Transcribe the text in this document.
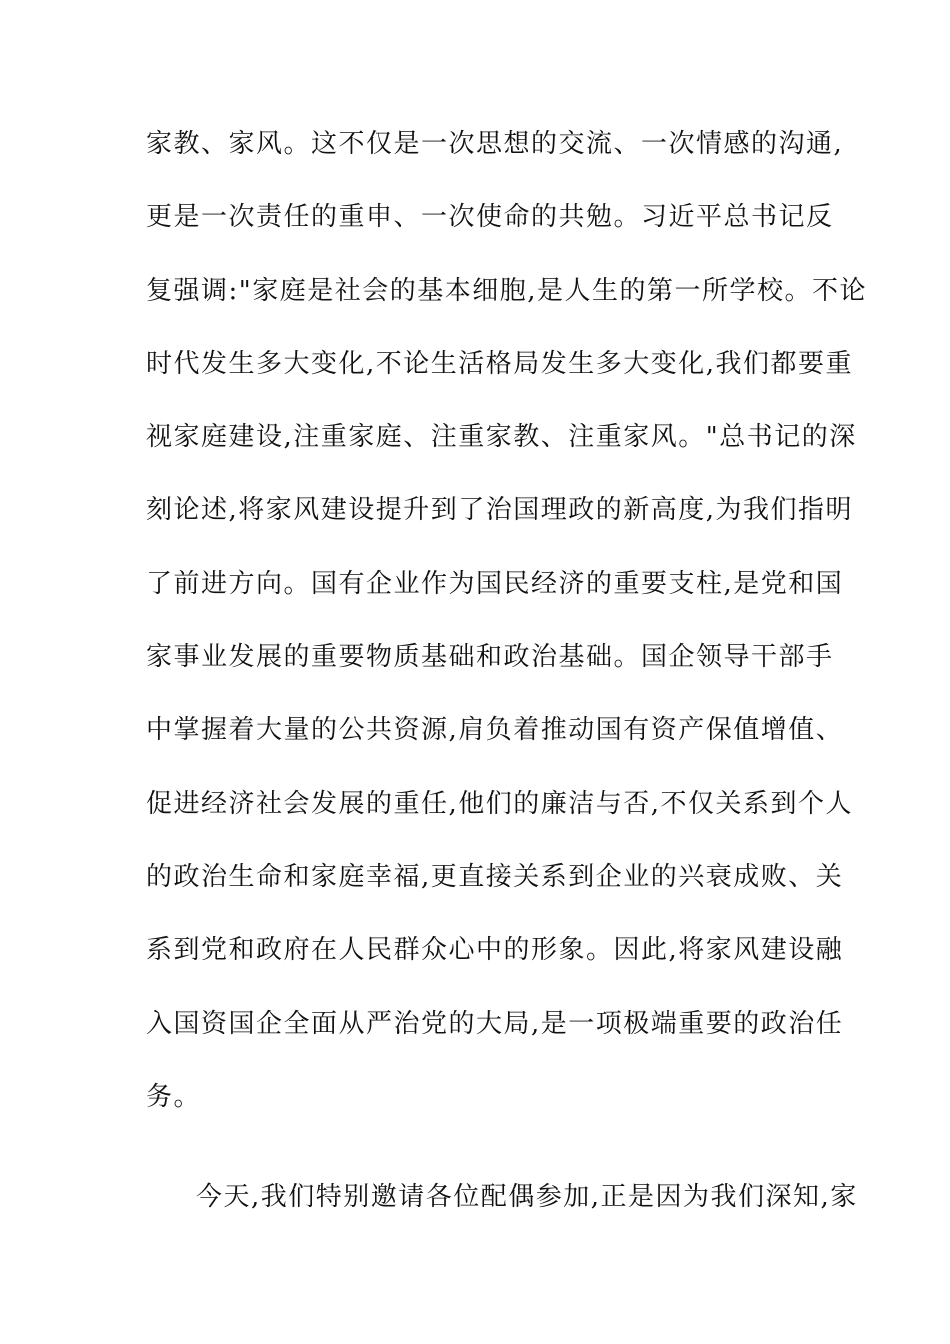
家教、家风。这不仅是一次思想的交流、一次情感的沟通,
更是一次责任的重申、一次使命的共勉。习近平总书记反
复强调:"家庭是社会的基本细胞,是人生的第一所学校。不论
时代发生多大变化,不论生活格局发生多大变化,我们都要重
视家庭建设,注重家庭、注重家教、注重家风。"总书记的深
刻论述,将家风建设提升到了治国理政的新高度,为我们指明
了前进方向。国有企业作为国民经济的重要支柱,是党和国
家事业发展的重要物质基础和政治基础。国企领导干部手
中掌握着大量的公共资源,肩负着推动国有资产保值增值、
促进经济社会发展的重任,他们的廉洁与否,不仅关系到个人
的政治生命和家庭幸福,更直接关系到企业的兴衰成败、关
系到党和政府在人民群众心中的形象。因此,将家风建设融
入国资国企全面从严治党的大局,是一项极端重要的政治任
务。
今天,我们特别邀请各位配偶参加,正是因为我们深知,家
